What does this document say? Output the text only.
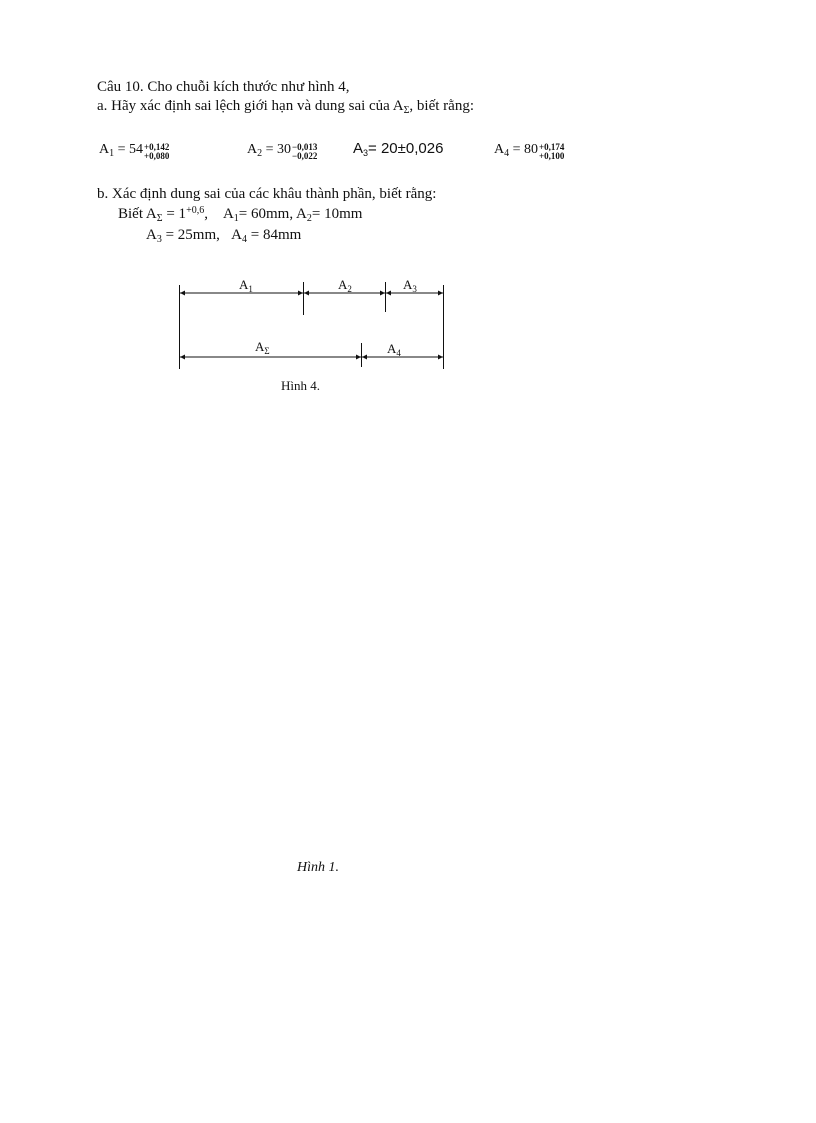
Câu 10. Cho chuỗi kích thước như hình 4,
a. Hãy xác định sai lệch giới hạn và dung sai của $A_\Sigma$, biết rằng:
$A_1 = 54 +0,142$
+0,080	$A_2 = 30 -0,013$
−0,022 $A_3= 20\pm 0,026$	$A_4 = 80 +0,174$
+0,100
b. Xác định dung sai của các khâu thành phần, biết rằng:
Biết $A_\Sigma = 1^{+0,6}$, $A_1= 60mm$, $A_2= 10mm$
$A_3 = 25mm$, $A_4 = 84mm$
$A_1$	$A_2$	$A_3$
$A_\Sigma$	$A_4$
Hình 4.
Hình 1.
